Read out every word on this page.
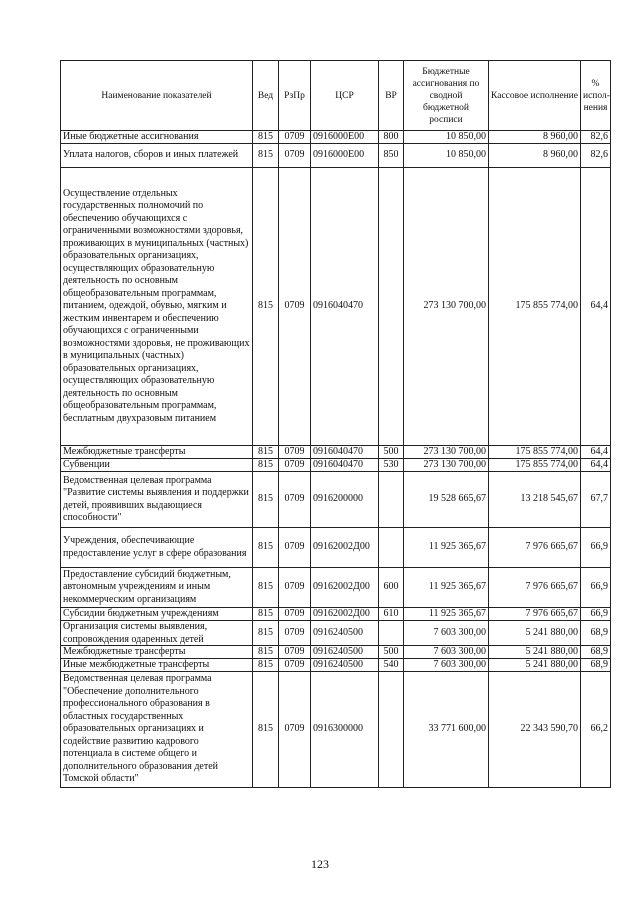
Наименование показателей	Вед	РзПр	ЦСР	ВР	Бюджетные ассигнования по сводной бюджетной росписи	Кассовое исполнение	% испол- нения

Иные бюджетные ассигнования	815	0709	0916000Е00	800	10 850,00	8 960,00	82,6

Уплата налогов, сборов и иных платежей	815	0709	0916000Е00	850	10 850,00	8 960,00	82,6

Осуществление отдельных государственных полномочий по обеспечению обучающихся с ограниченными возможностями здоровья, проживающих в муниципальных (частных) образовательных организациях, осуществляющих образовательную деятельность по основным общеобразовательным программам, питанием, одеждой, обувью, мягким и жестким инвентарем и обеспечению обучающихся с ограниченными возможностями здоровья, не проживающих в муниципальных (частных) образовательных организациях, осуществляющих образовательную деятельность по основным общеобразовательным программам, бесплатным двухразовым питанием	815	0709	0916040470		273 130 700,00	175 855 774,00	64,4

Межбюджетные трансферты	815	0709	0916040470	500	273 130 700,00	175 855 774,00	64,4

Субвенции	815	0709	0916040470	530	273 130 700,00	175 855 774,00	64,4

Ведомственная целевая программа "Развитие системы выявления и поддержки детей, проявивших выдающиеся способности"	815	0709	0916200000		19 528 665,67	13 218 545,67	67,7

Учреждения, обеспечивающие предоставление услуг в сфере образования	815	0709	09162002Д00		11 925 365,67	7 976 665,67	66,9

Предоставление субсидий бюджетным, автономным учреждениям и иным некоммерческим организациям	815	0709	09162002Д00	600	11 925 365,67	7 976 665,67	66,9

Субсидии бюджетным учреждениям	815	0709	09162002Д00	610	11 925 365,67	7 976 665,67	66,9

Организация системы выявления, сопровождения одаренных детей	815	0709	0916240500		7 603 300,00	5 241 880,00	68,9

Межбюджетные трансферты	815	0709	0916240500	500	7 603 300,00	5 241 880,00	68,9

Иные межбюджетные трансферты	815	0709	0916240500	540	7 603 300,00	5 241 880,00	68,9

Ведомственная целевая программа "Обеспечение дополнительного профессионального образования в областных государственных образовательных организациях и содействие развитию кадрового потенциала в системе общего и дополнительного образования детей Томской области"	815	0709	0916300000		33 771 600,00	22 343 590,70	66,2
123
